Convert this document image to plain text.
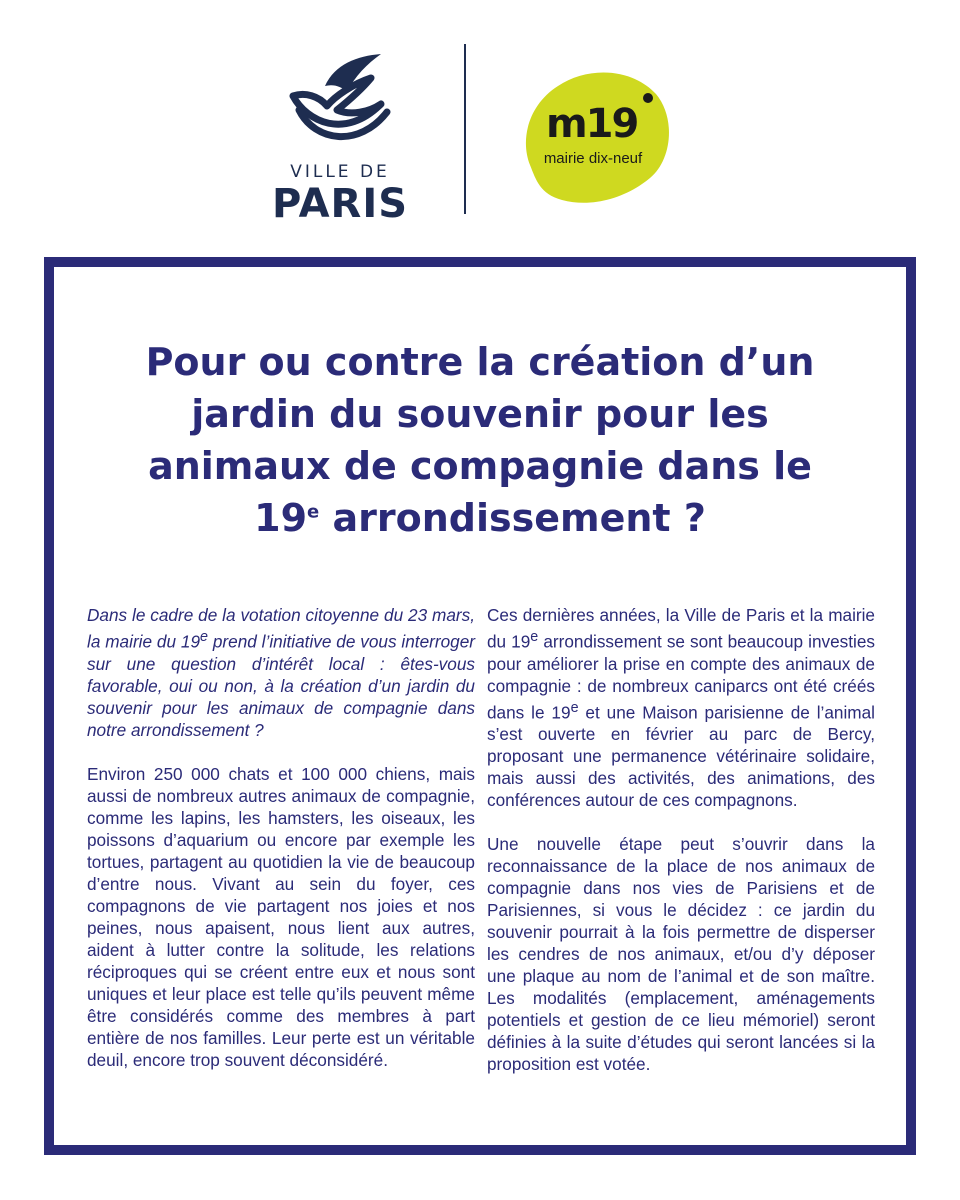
VILLE DE
PARIS
m19
mairie dix-neuf
Pour ou contre la création d’un
jardin du souvenir pour les
animaux de compagnie dans le
19e arrondissement ?

Dans le cadre de la votation citoyenne du 23 mars, la mairie du 19e prend l’initiative de vous interroger sur une question d’intérêt local : êtes-vous favorable, oui ou non, à la création d’un jardin du souvenir pour les animaux de compagnie dans notre arrondissement ?

Environ 250 000 chats et 100 000 chiens, mais aussi de nombreux autres animaux de compagnie, comme les lapins, les hamsters, les oiseaux, les poissons d’aquarium ou encore par exemple les tortues, partagent au quotidien la vie de beaucoup d’entre nous. Vivant au sein du foyer, ces compagnons de vie partagent nos joies et nos peines, nous apaisent, nous lient aux autres, aident à lutter contre la solitude, les relations réciproques qui se créent entre eux et nous sont uniques et leur place est telle qu’ils peuvent même être considérés comme des membres à part entière de nos familles. Leur perte est un véritable deuil, encore trop souvent déconsidéré.

Ces dernières années, la Ville de Paris et la mairie du 19e arrondissement se sont beaucoup investies pour améliorer la prise en compte des animaux de compagnie : de nombreux caniparcs ont été créés dans le 19e et une Maison parisienne de l’animal s’est ouverte en février au parc de Bercy, proposant une permanence vétérinaire solidaire, mais aussi des activités, des animations, des conférences autour de ces compagnons.

Une nouvelle étape peut s’ouvrir dans la reconnaissance de la place de nos animaux de compagnie dans nos vies de Parisiens et de Parisiennes, si vous le décidez : ce jardin du souvenir pourrait à la fois permettre de disperser les cendres de nos animaux, et/ou d’y déposer une plaque au nom de l’animal et de son maître. Les modalités (emplacement, aménagements potentiels et gestion de ce lieu mémoriel) seront définies à la suite d’études qui seront lancées si la proposition est votée.
